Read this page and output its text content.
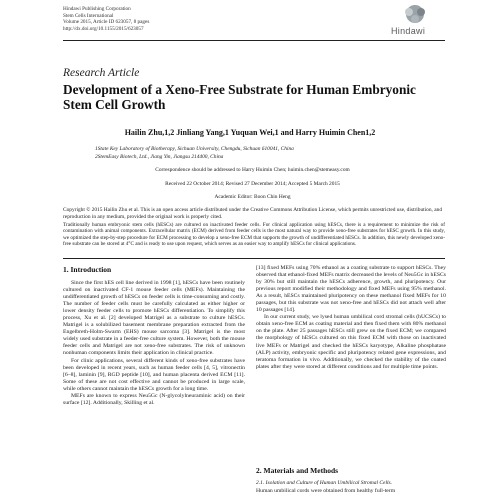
Hindawi Publishing Corporation
Stem Cells International
Volume 2015, Article ID 623057, 8 pages
http://dx.doi.org/10.1155/2015/623057	Hindawi
Research Article
Development of a Xeno-Free Substrate for Human Embryonic Stem Cell Growth
Hailin Zhu,1,2 Jinliang Yang,1 Yuquan Wei,1 and Harry Huimin Chen1,2
1State Key Laboratory of Biotherapy, Sichuan University, Chengdu, Sichuan 610041, China
2StemEasy Biotech, Ltd., Jiang Yin, Jiangsu 214400, China
Correspondence should be addressed to Harry Huimin Chen; huimin.chen@stemeasy.com
Received 22 October 2014; Revised 27 December 2014; Accepted 5 March 2015
Academic Editor: Boon Chin Heng
Copyright © 2015 Hailin Zhu et al. This is an open access article distributed under the Creative Commons Attribution License, which permits unrestricted use, distribution, and reproduction in any medium, provided the original work is properly cited.
Traditionally human embryonic stem cells (hESCs) are cultured on inactivated feeder cells. For clinical application using hESCs, there is a requirement to minimize the risk of contamination with animal components. Extracellular matrix (ECM) derived from feeder cells is the most natural way to provide xeno-free substrates for hESC growth. In this study, we optimized the step-by-step procedure for ECM processing to develop a xeno-free ECM that supports the growth of undifferentiated hESCs. In addition, this newly developed xeno-free substrate can be stored at 4°C and is ready to use upon request, which serves as an easier way to amplify hESCs for clinical applications.
1. Introduction

Since the first hES cell line derived in 1998 [1], hESCs have been routinely cultured on inactivated CF-1 mouse feeder cells (MEFs). Maintaining the undifferentiated growth of hESCs on feeder cells is time-consuming and costly. The number of feeder cells must be carefully calculated as either higher or lower density feeder cells to promote hESCs differentiation. To simplify this process, Xu et al. [2] developed Matrigel as a substrate to culture hESCs. Matrigel is a solubilized basement membrane preparation extracted from the Engelbreth-Holm-Swarm (EHS) mouse sarcoma [3]. Matrigel is the most widely used substrate in a feeder-free culture system. However, both the mouse feeder cells and Matrigel are not xeno-free substrates. The risk of unknown nonhuman components limits their application in clinical practice.

For clinic applications, several different kinds of xeno-free substrates have been developed in recent years, such as human feeder cells [4, 5], vitronectin [6–8], laminin [9], RGD peptide [10], and human placenta derived ECM [11]. Some of these are not cost effective and cannot be produced in large scale, while others cannot maintain the hESCs growth for a long time.

MEFs are known to express Neu5Gc (N-glycolylneuraminic acid) on their surface [12]. Additionally, Skilling et al.

[13] fixed MEFs using 70% ethanol as a coating substrate to support hESCs. They observed that ethanol-fixed MEFs matrix decreased the levels of Neu5Gc in hESCs by 30% but still maintain the hESCs adherence, growth, and pluripotency. Our previous report modified their methodology and fixed MEFs using 95% methanol. As a result, hESCs maintained pluripotency on these methanol fixed MEFs for 10 passages, but this substrate was not xeno-free and hESCs did not attach well after 10 passages [14].

In our current study, we lysed human umbilical cord stromal cells (hUCSCs) to obtain xeno-free ECM as coating material and then fixed them with 80% methanol on the plate. After 25 passages hESCs still grew on the fixed ECM; we compared the morphology of hESCs cultured on this fixed ECM with those on inactivated live MEFs or Matrigel and checked the hESCs karyotype, Alkaline phosphatase (ALP) activity, embryonic specific and pluripotency related gene expressions, and teratoma formation in vivo. Additionally, we checked the stability of the coated plates after they were stored at different conditions and for multiple time points.

2. Materials and Methods
2.1. Isolation and Culture of Human Umbilical Stromal Cells.
Human umbilical cords were obtained from healthy full-term
